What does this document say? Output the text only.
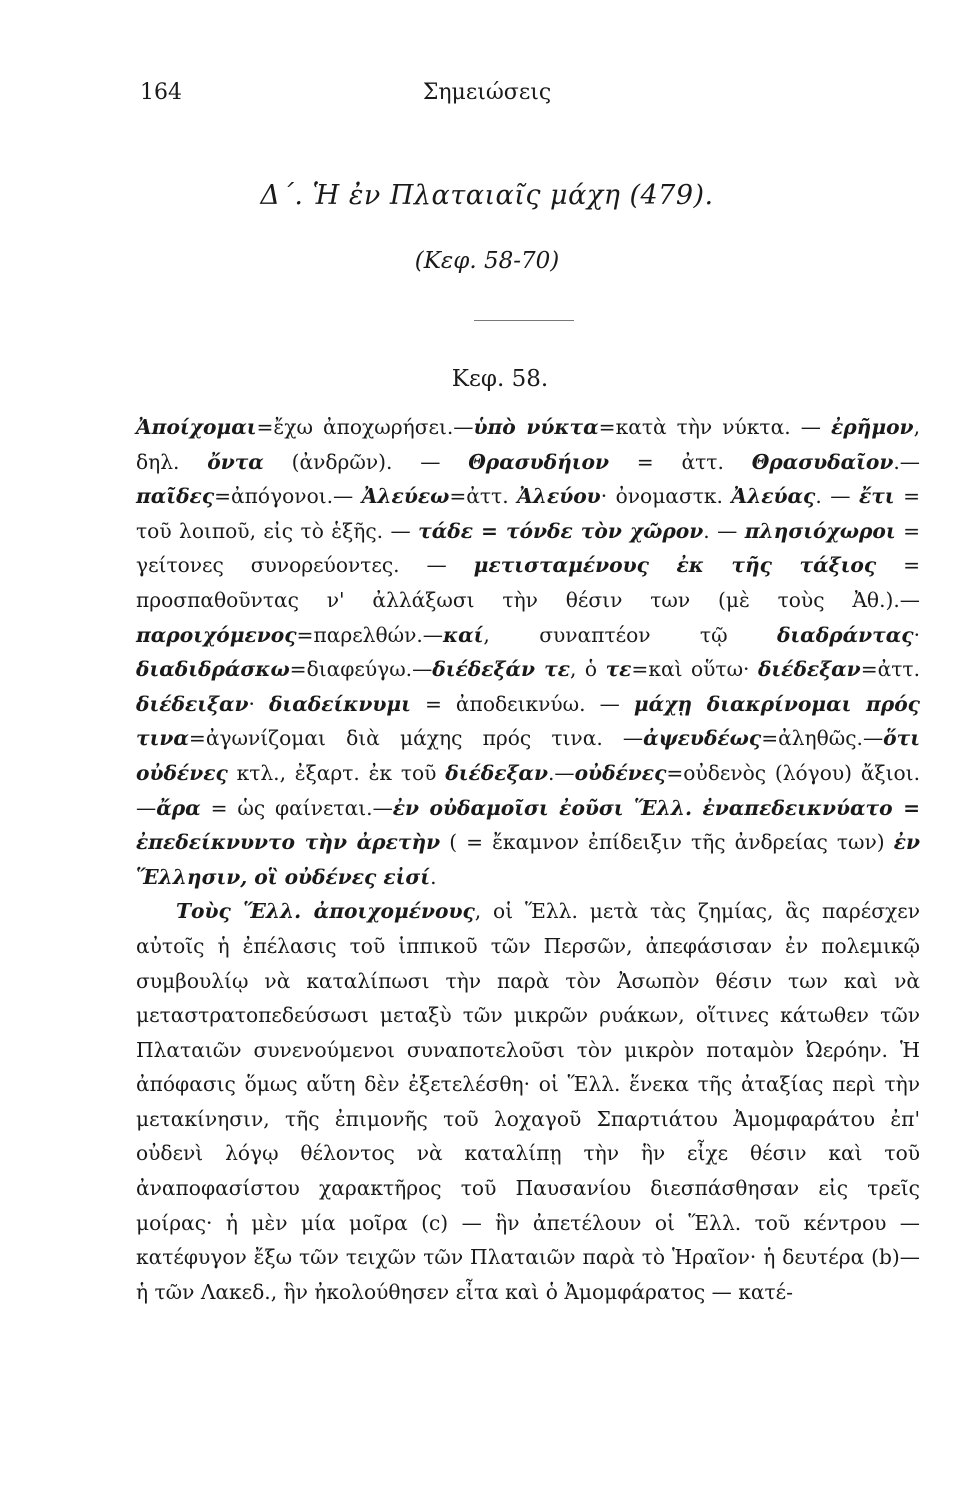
164	Σημειώσεις
Δ΄. Ἡ ἐν Πλαταιαῖς μάχη (479).
(Κεφ. 58-70)
Κεφ. 58.

Ἀποίχομαι=ἔχω ἀποχωρήσει.—ὑπὸ νύκτα=κατὰ τὴν νύκτα. — ἐρῆμον, δηλ. ὄντα (ἀνδρῶν). — Θρασυδήιον = ἀττ. Θρασυδαῖον.—παῖδες=ἀπόγονοι.— Ἀλεύεω=ἀττ. Ἀλεύου· ὀνομαστκ. Ἀλεύας. — ἔτι = τοῦ λοιποῦ, εἰς τὸ ἑξῆς. — τάδε = τόνδε τὸν χῶρον. — πλησιόχωροι = γείτονες συνορεύοντες. — μετισταμένους ἐκ τῆς τάξιος = προσπαθοῦντας ν' ἀλλάξωσι τὴν θέσιν των (μὲ τοὺς Ἀθ.).—παροιχόμενος=παρελθών.—καί, συναπτέον τῷ διαδράντας· διαδιδράσκω=διαφεύγω.—διέδεξάν τε, ὁ τε=καὶ οὕτω· διέδεξαν=ἀττ. διέδειξαν· διαδείκνυμι = ἀποδεικνύω. — μάχῃ διακρίνομαι πρός τινα=ἀγωνίζομαι διὰ μάχης πρός τινα. —ἀψευδέως=ἀληθῶς.—ὅτι οὐδένες κτλ., ἐξαρτ. ἐκ τοῦ διέδεξαν.—οὐδένες=οὐδενὸς (λόγου) ἄξιοι.—ἄρα = ὡς φαίνεται.—ἐν οὐδαμοῖσι ἐοῦσι Ἕλλ. ἐναπεδεικνύατο = ἐπεδείκνυντο τὴν ἀρετὴν ( = ἔκαμνον ἐπίδειξιν τῆς ἀνδρείας των) ἐν Ἕλλησιν, οἳ οὐδένες εἰσί.

Τοὺς Ἕλλ. ἀποιχομένους, οἱ Ἕλλ. μετὰ τὰς ζημίας, ἃς παρέσχεν αὐτοῖς ἡ ἐπέλασις τοῦ ἱππικοῦ τῶν Περσῶν, ἀπεφάσισαν ἐν πολεμικῷ συμβουλίῳ νὰ καταλίπωσι τὴν παρὰ τὸν Ἀσωπὸν θέσιν των καὶ νὰ μεταστρατοπεδεύσωσι μεταξὺ τῶν μικρῶν ρυάκων, οἵτινες κάτωθεν τῶν Πλαταιῶν συνενούμενοι συναποτελοῦσι τὸν μικρὸν ποταμὸν Ὠερόην. Ἡ ἀπόφασις ὅμως αὕτη δὲν ἐξετελέσθη· οἱ Ἕλλ. ἕνεκα τῆς ἀταξίας περὶ τὴν μετακίνησιν, τῆς ἐπιμονῆς τοῦ λοχαγοῦ Σπαρτιάτου Ἀμομφαράτου ἐπ' οὐδενὶ λόγῳ θέλοντος νὰ καταλίπῃ τὴν ἣν εἶχε θέσιν καὶ τοῦ ἀναποφασίστου χαρακτῆρος τοῦ Παυσανίου διεσπάσθησαν εἰς τρεῖς μοίρας· ἡ μὲν μία μοῖρα (c) — ἣν ἀπετέλουν οἱ Ἕλλ. τοῦ κέντρου — κατέφυγον ἔξω τῶν τειχῶν τῶν Πλαταιῶν παρὰ τὸ Ἡραῖον· ἡ δευτέρα (b)—ἡ τῶν Λακεδ., ἣν ἠκολούθησεν εἶτα καὶ ὁ Ἀμομφάρατος — κατέ-
